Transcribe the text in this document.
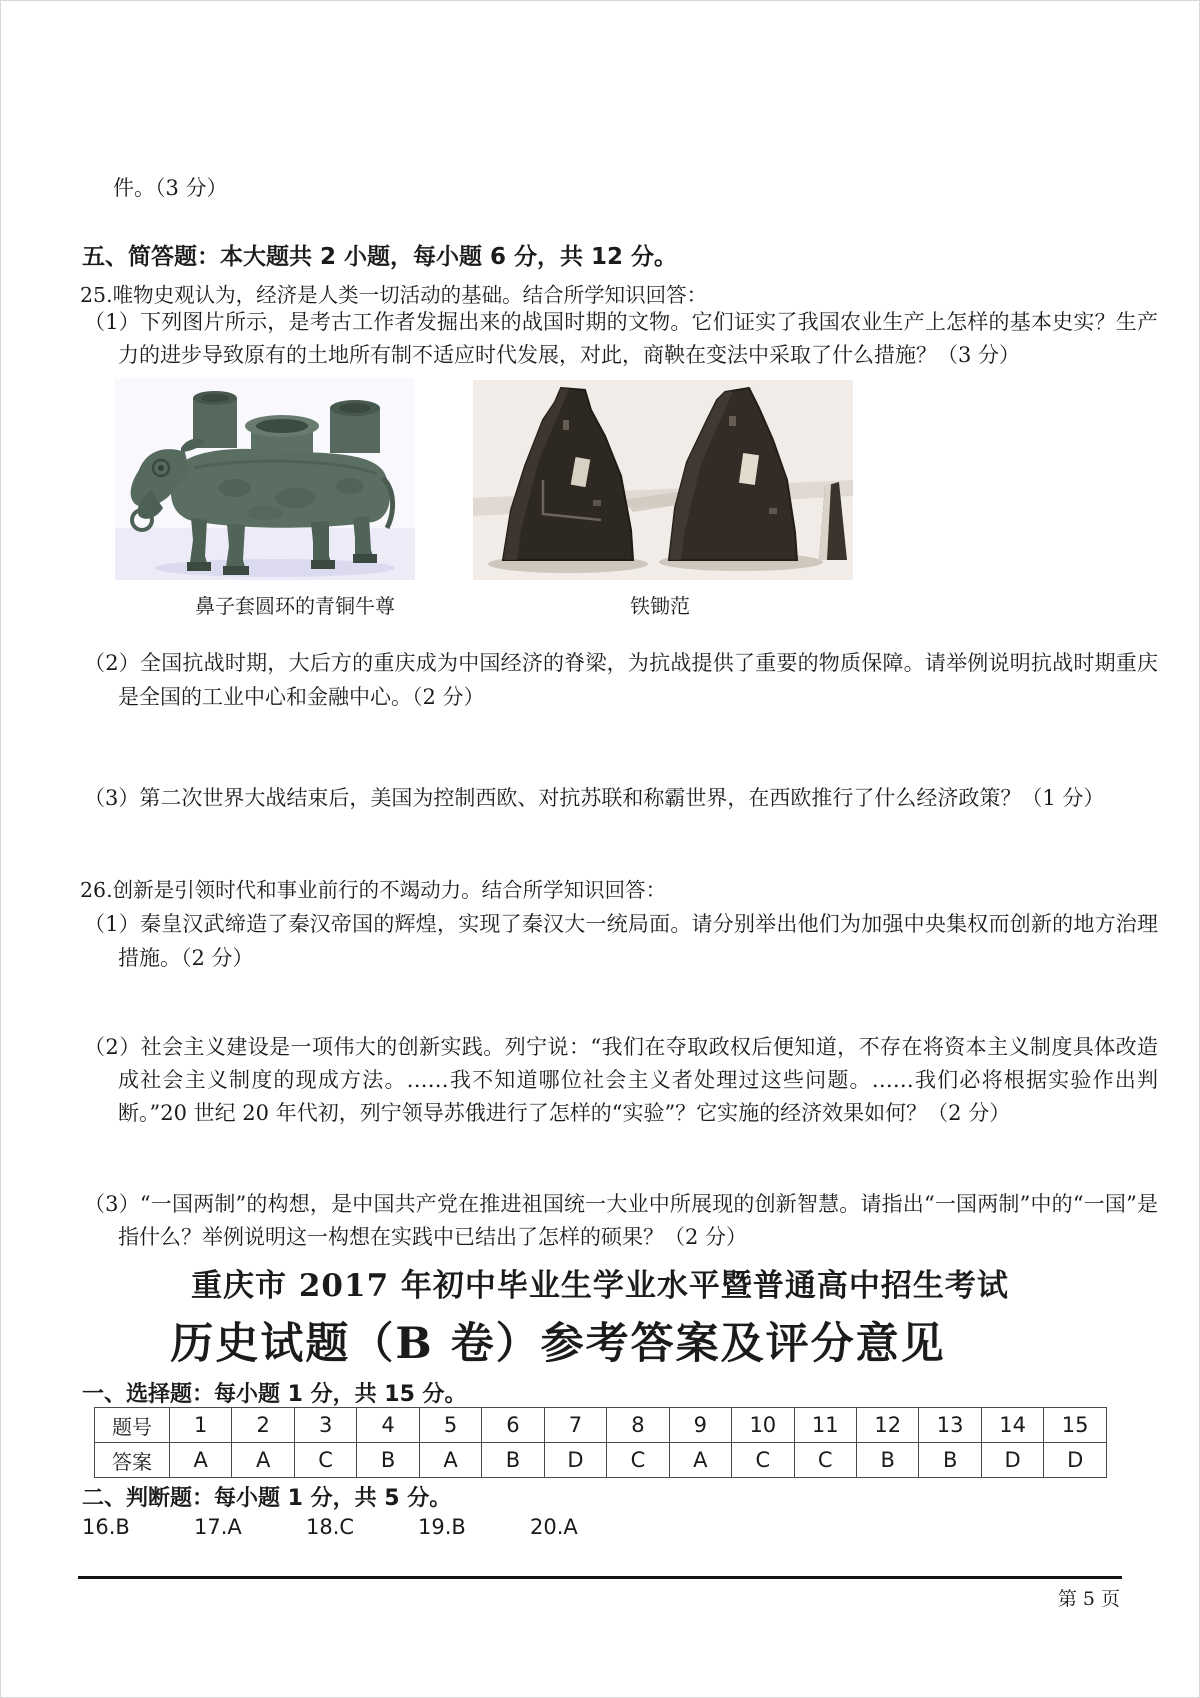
件。（3 分）
五、简答题：本大题共 2 小题，每小题 6 分，共 12 分。
25.唯物史观认为，经济是人类一切活动的基础。结合所学知识回答：
（1）下列图片所示，是考古工作者发掘出来的战国时期的文物。它们证实了我国农业生产上怎样的基本史实？生产力的进步导致原有的土地所有制不适应时代发展，对此，商鞅在变法中采取了什么措施？（3 分）
鼻子套圆环的青铜牛尊	铁锄范
（2）全国抗战时期，大后方的重庆成为中国经济的脊梁，为抗战提供了重要的物质保障。请举例说明抗战时期重庆是全国的工业中心和金融中心。（2 分）
（3）第二次世界大战结束后，美国为控制西欧、对抗苏联和称霸世界，在西欧推行了什么经济政策？（1 分）
26.创新是引领时代和事业前行的不竭动力。结合所学知识回答：
（1）秦皇汉武缔造了秦汉帝国的辉煌，实现了秦汉大一统局面。请分别举出他们为加强中央集权而创新的地方治理措施。（2 分）
（2）社会主义建设是一项伟大的创新实践。列宁说：“我们在夺取政权后便知道，不存在将资本主义制度具体改造成社会主义制度的现成方法。……我不知道哪位社会主义者处理过这些问题。……我们必将根据实验作出判断。”20 世纪 20 年代初，列宁领导苏俄进行了怎样的“实验”？它实施的经济效果如何？（2 分）
（3）“一国两制”的构想，是中国共产党在推进祖国统一大业中所展现的创新智慧。请指出“一国两制”中的“一国”是指什么？举例说明这一构想在实践中已结出了怎样的硕果？（2 分）
重庆市 2017 年初中毕业生学业水平暨普通高中招生考试
历史试题（B 卷）参考答案及评分意见
一、选择题：每小题 1 分，共 15 分。
题号	1	2	3	4	5	6	7	8	9	10	11	12	13	14	15
答案	A	A	C	B	A	B	D	C	A	C	C	B	B	D	D
二、判断题：每小题 1 分，共 5 分。
16.B	17.A	18.C	19.B	20.A
第 5 页
